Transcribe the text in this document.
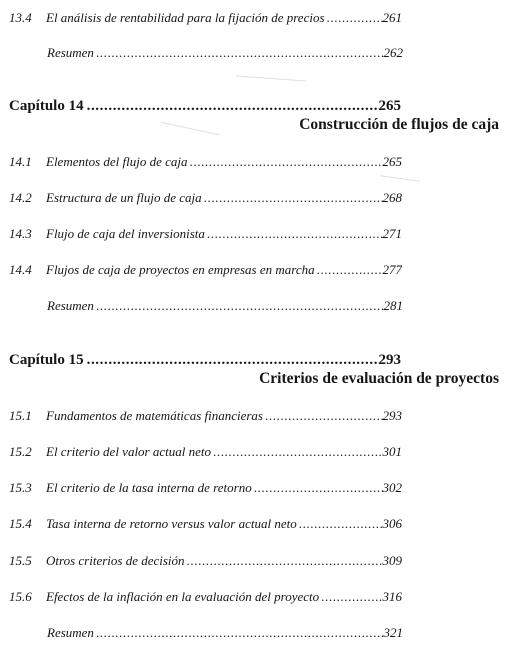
13.4 El análisis de rentabilidad para la fijación de precios .....	261
Resumen .....	262
Capítulo 14 .....	265
Construcción de flujos de caja
14.1 Elementos del flujo de caja .....	265
14.2 Estructura de un flujo de caja .....	268
14.3 Flujo de caja del inversionista .....	271
14.4 Flujos de caja de proyectos en empresas en marcha .....	277
Resumen .....	281
Capítulo 15 .....	293
Criterios de evaluación de proyectos
15.1 Fundamentos de matemáticas financieras .....	293
15.2 El criterio del valor actual neto .....	301
15.3 El criterio de la tasa interna de retorno .....	302
15.4 Tasa interna de retorno versus valor actual neto .....	306
15.5 Otros criterios de decisión .....	309
15.6 Efectos de la inflación en la evaluación del proyecto .....	316
Resumen .....	321
